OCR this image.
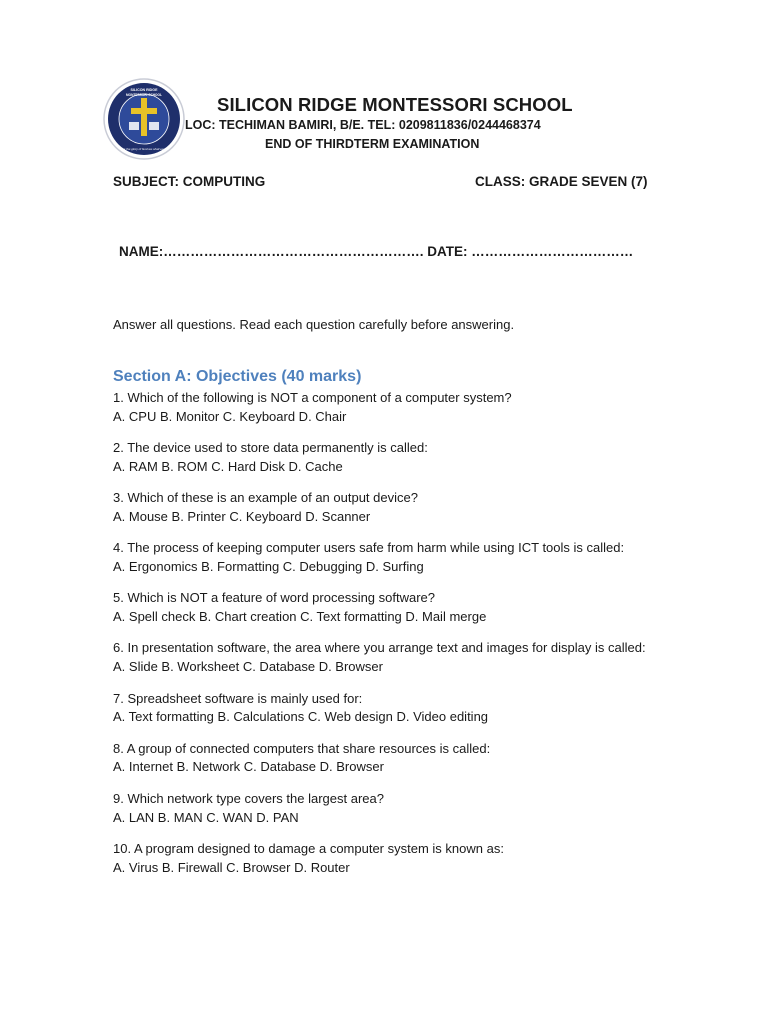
SILICON RIDGE
MONTESSORI SCHOOL
For the glory of God we shall excel
SILICON RIDGE MONTESSORI SCHOOL
LOC: TECHIMAN BAMIRI, B/E. TEL: 0209811836/0244468374
END OF THIRDTERM EXAMINATION
SUBJECT: COMPUTING	CLASS: GRADE SEVEN (7)
NAME:…………………………………………………. DATE: ………………………………
Answer all questions. Read each question carefully before answering.
Section A: Objectives (40 marks)
1. Which of the following is NOT a component of a computer system?
A. CPU B. Monitor C. Keyboard D. Chair
2. The device used to store data permanently is called:
A. RAM B. ROM C. Hard Disk D. Cache
3. Which of these is an example of an output device?
A. Mouse B. Printer C. Keyboard D. Scanner
4. The process of keeping computer users safe from harm while using ICT tools is called:
A. Ergonomics B. Formatting C. Debugging D. Surfing
5. Which is NOT a feature of word processing software?
A. Spell check B. Chart creation C. Text formatting D. Mail merge
6. In presentation software, the area where you arrange text and images for display is called:
A. Slide B. Worksheet C. Database D. Browser
7. Spreadsheet software is mainly used for:
A. Text formatting B. Calculations C. Web design D. Video editing
8. A group of connected computers that share resources is called:
A. Internet B. Network C. Database D. Browser
9. Which network type covers the largest area?
A. LAN B. MAN C. WAN D. PAN
10. A program designed to damage a computer system is known as:
A. Virus B. Firewall C. Browser D. Router
